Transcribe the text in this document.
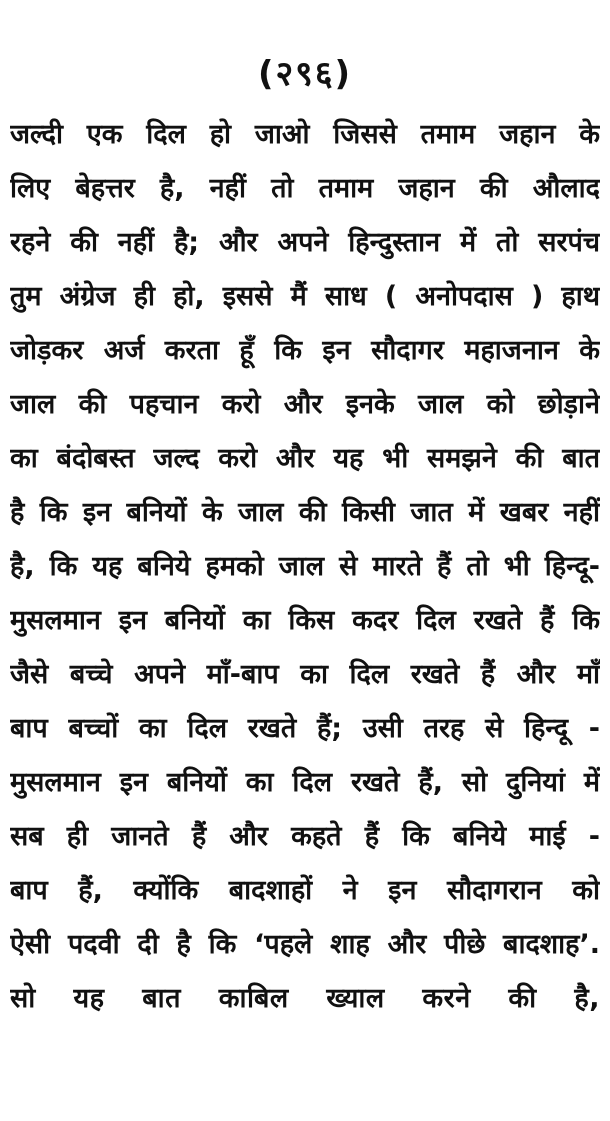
(२९६)
जल्दी एक दिल हो जाओ जिससे तमाम जहान के
लिए बेहत्तर है, नहीं तो तमाम जहान की औलाद
रहने की नहीं है; और अपने हिन्दुस्तान में तो सरपंच
तुम अंग्रेज ही हो, इससे मैं साध ( अनोपदास ) हाथ
जोड़कर अर्ज करता हूँ कि इन सौदागर महाजनान के
जाल की पहचान करो और इनके जाल को छोड़ाने
का बंदोबस्त जल्द करो और यह भी समझने की बात
है कि इन बनियों के जाल की किसी जात में खबर नहीं
है, कि यह बनिये हमको जाल से मारते हैं तो भी हिन्दू-
मुसलमान इन बनियों का किस कदर दिल रखते हैं कि
जैसे बच्चे अपने माँ-बाप का दिल रखते हैं और माँ
बाप बच्चों का दिल रखते हैं; उसी तरह से हिन्दू -
मुसलमान इन बनियों का दिल रखते हैं, सो दुनियां में
सब ही जानते हैं और कहते हैं कि बनिये माई -
बाप हैं, क्योंकि बादशाहों ने इन सौदागरान को
ऐसी पदवी दी है कि ‘पहले शाह और पीछे बादशाह’.
सो यह बात काबिल ख्याल करने की है,
